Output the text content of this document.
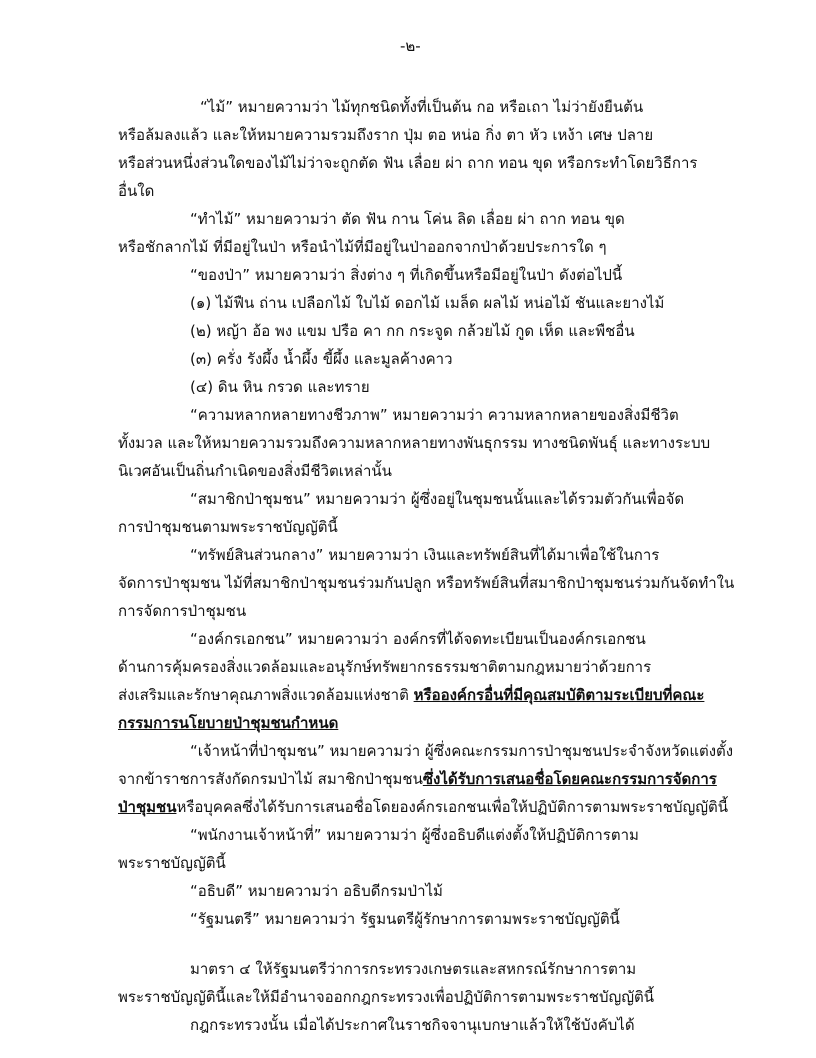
-๒-
“ไม้” หมายความว่า ไม้ทุกชนิดทั้งที่เป็นต้น กอ หรือเถา ไม่ว่ายังยืนต้น
หรือล้มลงแล้ว และให้หมายความรวมถึงราก ปุ่ม ตอ หน่อ กิ่ง ตา หัว เหง้า เศษ ปลาย
หรือส่วนหนึ่งส่วนใดของไม้ไม่ว่าจะถูกตัด ฟัน เลื่อย ผ่า ถาก ทอน ขุด หรือกระทำโดยวิธีการ
อื่นใด
“ทำไม้” หมายความว่า ตัด ฟัน กาน โค่น ลิด เลื่อย ผ่า ถาก ทอน ขุด
หรือชักลากไม้ ที่มีอยู่ในป่า หรือนำไม้ที่มีอยู่ในป่าออกจากป่าด้วยประการใด ๆ
“ของป่า” หมายความว่า สิ่งต่าง ๆ ที่เกิดขึ้นหรือมีอยู่ในป่า ดังต่อไปนี้
(๑) ไม้ฟืน ถ่าน เปลือกไม้ ใบไม้ ดอกไม้ เมล็ด ผลไม้ หน่อไม้ ชันและยางไม้
(๒) หญ้า อ้อ พง แขม ปรือ คา กก กระจูด กล้วยไม้ กูด เห็ด และพืชอื่น
(๓) ครั่ง รังผึ้ง น้ำผึ้ง ขี้ผึ้ง และมูลค้างคาว
(๔) ดิน หิน กรวด และทราย
“ความหลากหลายทางชีวภาพ” หมายความว่า ความหลากหลายของสิ่งมีชีวิต
ทั้งมวล และให้หมายความรวมถึงความหลากหลายทางพันธุกรรม ทางชนิดพันธุ์ และทางระบบ
นิเวศอันเป็นถิ่นกำเนิดของสิ่งมีชีวิตเหล่านั้น
“สมาชิกป่าชุมชน” หมายความว่า ผู้ซึ่งอยู่ในชุมชนนั้นและได้รวมตัวกันเพื่อจัด
การป่าชุมชนตามพระราชบัญญัตินี้
“ทรัพย์สินส่วนกลาง” หมายความว่า เงินและทรัพย์สินที่ได้มาเพื่อใช้ในการ
จัดการป่าชุมชน ไม้ที่สมาชิกป่าชุมชนร่วมกันปลูก หรือทรัพย์สินที่สมาชิกป่าชุมชนร่วมกันจัดทำใน
การจัดการป่าชุมชน
“องค์กรเอกชน” หมายความว่า องค์กรที่ได้จดทะเบียนเป็นองค์กรเอกชน
ด้านการคุ้มครองสิ่งแวดล้อมและอนุรักษ์ทรัพยากรธรรมชาติตามกฎหมายว่าด้วยการ
ส่งเสริมและรักษาคุณภาพสิ่งแวดล้อมแห่งชาติ หรือองค์กรอื่นที่มีคุณสมบัติตามระเบียบที่คณะ
กรรมการนโยบายป่าชุมชนกำหนด
“เจ้าหน้าที่ป่าชุมชน” หมายความว่า ผู้ซึ่งคณะกรรมการป่าชุมชนประจำจังหวัดแต่งตั้ง
จากข้าราชการสังกัดกรมป่าไม้ สมาชิกป่าชุมชนซึ่งได้รับการเสนอชื่อโดยคณะกรรมการจัดการ
ป่าชุมชนหรือบุคคลซึ่งได้รับการเสนอชื่อโดยองค์กรเอกชนเพื่อให้ปฏิบัติการตามพระราชบัญญัตินี้
“พนักงานเจ้าหน้าที่” หมายความว่า ผู้ซึ่งอธิบดีแต่งตั้งให้ปฏิบัติการตาม
พระราชบัญญัตินี้
“อธิบดี” หมายความว่า อธิบดีกรมป่าไม้
“รัฐมนตรี” หมายความว่า รัฐมนตรีผู้รักษาการตามพระราชบัญญัตินี้
มาตรา ๔ ให้รัฐมนตรีว่าการกระทรวงเกษตรและสหกรณ์รักษาการตาม
พระราชบัญญัตินี้และให้มีอำนาจออกกฎกระทรวงเพื่อปฏิบัติการตามพระราชบัญญัตินี้
กฎกระทรวงนั้น เมื่อได้ประกาศในราชกิจจานุเบกษาแล้วให้ใช้บังคับได้
